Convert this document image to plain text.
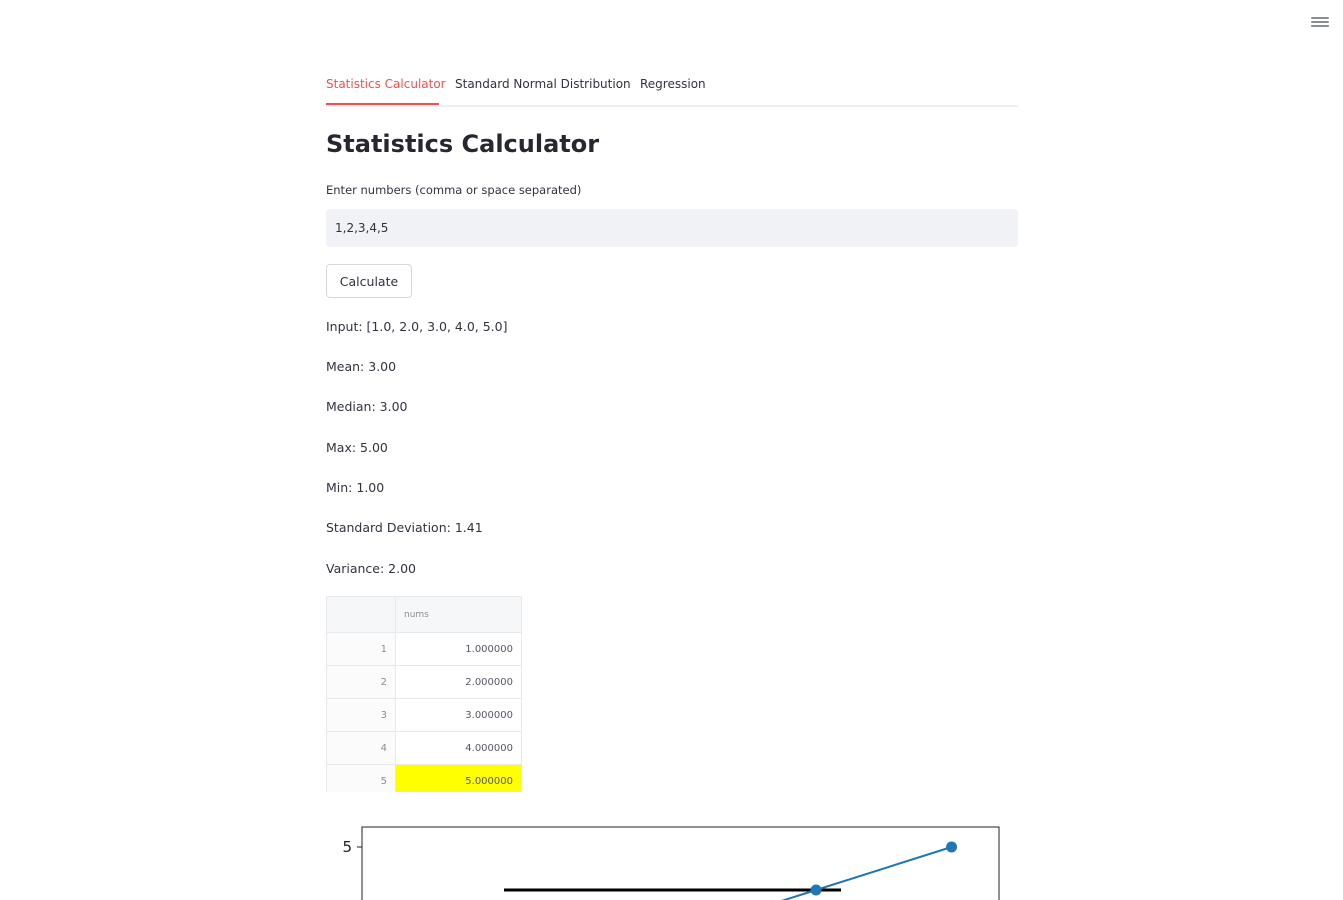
Statistics Calculator Standard Normal Distribution Regression
Statistics Calculator
Enter numbers (comma or space separated)
1,2,3,4,5
Calculate
Input: [1.0, 2.0, 3.0, 4.0, 5.0]
Mean: 3.00
Median: 3.00
Max: 5.00
Min: 1.00
Standard Deviation: 1.41
Variance: 2.00
	nums
1	1.000000
2	2.000000
3	3.000000
4	4.000000
5	5.000000
5
